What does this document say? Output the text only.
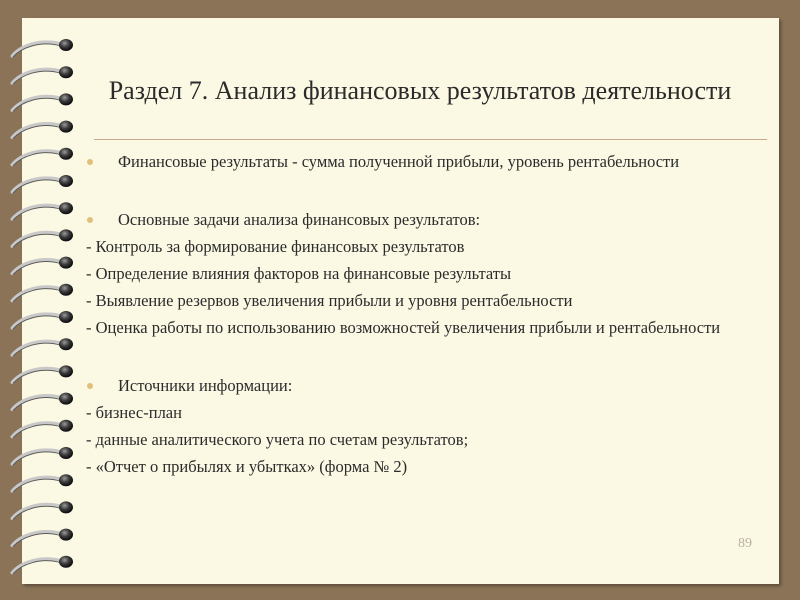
Раздел 7. Анализ финансовых результатов деятельности
Финансовые результаты - сумма полученной прибыли, уровень рентабельности
Основные задачи анализа финансовых результатов:
- Контроль за формирование финансовых результатов
- Определение влияния факторов на финансовые результаты
- Выявление резервов увеличения прибыли и уровня рентабельности
- Оценка работы по использованию возможностей увеличения прибыли и рентабельности
Источники информации:
- бизнес-план
- данные аналитического учета по счетам результатов;
- «Отчет о прибылях и убытках» (форма № 2)
89
